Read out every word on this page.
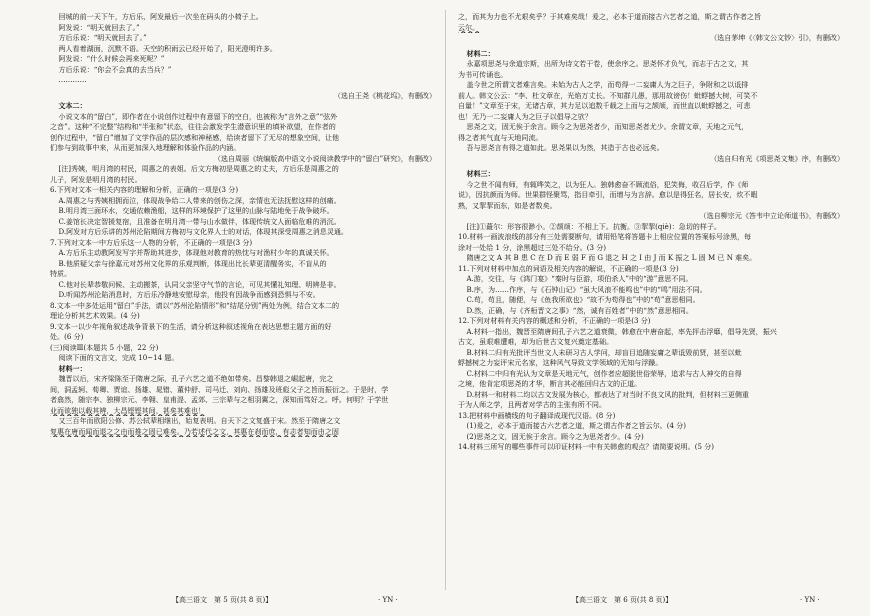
回城的前一天下午，方后乐、阿发最后一次坐在码头的小椅子上。
阿发说：“明天就回去了。”
方后乐说：“明天就回去了。”
两人看着湖面，沉默不语。天空的积雨云已经开始了，阳光澄明许多。
阿发说：“什么时候会再来死呢？”
方后乐说：“你会不会真的去当兵？”
…………
（选自王尧《桃花坞》，有删改）
文本二：
小说文本的“留白”，即作者在小说创作过程中有意留下的空白，也被称为“言外之意”“弦外
之音”。这种“不完整”结构和“半张和”状态，往往会激发学生潜意识里的填补欲望，在作者的
创作过程中，“留白”增加了文学作品的层次感和神秘感，给读者留下了无尽的想象空间，让他
们参与到故事中来，从而更加深入地理解和体验作品的内涵。
（选自周丽《统编版高中语文小说阅读教学中的“留白”研究》，有删改）
[注]秀姨，明月湾的村民，周惠之的表姐。后文方梅初是周惠之的丈夫，方后乐是周惠之的
儿子，阿发是明月湾的村民。
6.下列对文本一相关内容的理解和分析，正确的一项是(3 分)
A.周惠之与秀姨相拥而泣，体现战争给二人带来的创伤之深，亲情也无法抚慰这样的创痛。
B.明月湾三面环水，交通依赖渔船，这样的环境保护了这里的山脉与陆地免于战争破坏。
C.姜馆长决定智援复宿，且准备在明月湾一带与山水做伴，体现传统文人面临危难的消沉。
D.阿发对方后乐讲的苏州沦陷期间方梅初与文化界人士的对话，体现其深受周惠之消息灵通。
7.下列对文本一中方后乐这一人物的分析，不正确的一项是(3 分)
A.方后乐主动教阿发写字并帮助其进步，体现他对教育的热忱与对渔村少年的真诚关怀。
B.他质疑父亲与徐嘉元对苏州文化界的乐观判断，体现出比长辈更清醒务实，不盲从的
特质。
C.他对长辈恭敬问候、主动搬茶，认同父亲坚守气节的言论，可见其懂礼知理、明辨是非。
D.听闻苏州沦陷消息时，方后乐冷静地安慰母亲，他投有因战争而感到恐惧与不安。
8.文本一中多处运用“留白”手法，请以“苏州沦陷情形”和“结尾分别”两处为例，结合文本二的
理论分析其艺术效果。(4 分)
9.文本一以少年视角叙述战争背景下的生活，请分析这种叙述视角在表达思想主题方面的好
处。(6 分)
(三)阅读Ⅲ(本题共 5 小题，22 分)
阅读下面的文言文，完成 10~14 题。
材料一：
魏晋以后，宋齐梁陈至于隋唐之际，孔子六艺之道不绝如带矣。昌黎韩退之崛起唐，完之
间，洞孟轲、荀卿、贾谊、扬雄、晁错、董仲舒、司马迁、刘向、扬雄及班彪父子之旨而振衍之。于是时，学
者翕然，随宗李、独柳宗元、李翱、皇甫湜、孟郊、三宗辈与之相羽翼之，深知而笃好之。呼。何明？于学世
业而欲独以载其辨，大昌铿铿其间，甚矣其难也！
又三百年而欧阳公修、苏公轼辈相继出，始复表明。自天下之文复盛于宋。然至于隋唐之文
复惠在唐而闻而退之之由而推之固已难矣。乃若述代之文，其惠在刹而庶，有志者知而由之固
之，而其为力也不尤艰矣乎？于其难矣哉！爰之，必本于道而接古六艺者之道，斯之谓古作者之旨
云尔。
（选自茅坤《〈韩文公文钞〉引》，有删改）
材料二：
永嘉项思尧与余道宗斯，出所为诗文若干卷，使余序之。思尧怀才负气，而志于古之文，其
为书可传诵也。
盖今世之所谓文者难言矣。未始为古人之学，而苟得一二妄庸人为之巨子，争附和之以诋排
前人。韩文公云：“李、杜文章在，光焰万丈长。不知群儿愚，那用故谤伤！蚍蜉撼大树，可笑不
自量！”文章至于宋，无诸古章，其力足以追数千载之上而与之颉颃，而世直以蚍蜉撼之，可悲
也！无乃一二妄庸人为之巨子以倡导之欤？
思尧之文，固无俟于余言。顾今之为思尧者少，而知思尧者尤少。余谓文章，天地之元气，
得之者其气直与天地同流。
吾与思尧言有得之道如此。思尧果以为然，其造于古也必远矣。
（选自归有光《项思尧文集》序，有删改）
材料三：
今之世不闻有师，有辄哗笑之，以为狂人。独韩愈奋不顾流俗，犯笑侮，收召后学，作《师
说》，因抗颜而为师。世果群怪聚骂，指目牵引，而增与为言辞。愈以是得狂名，居长安，炊不暇
熟，又挈挈而东，如是者数矣。
（选自柳宗元《答韦中立论师道书》，有删改）
[注]①蕞尔：形容很渺小。②颉颃：不相上下。抗衡。③挈挈(qiè)：急切的样子。
10.材料一画波浪线的部分有三处需要断句，请用铅笔将答题卡上相应位置的答案标号涂黑，每
涂对一处给 1 分，涂黑超过三处不给分。(3 分)
隋唐之文 A 其 B 患 C 在 D 而 E 弱 F 而 G 退之 H 之 I 由 J 而 K 振之 L 固 M 已 N 难矣。
11.下列对材料中加点的词语及相关内容的解说，不正确的一项是(3 分)
A.游，交往，与《鸿门宴》“秦时与臣游，项伯杀人”中的“游”意思不同。
B.序，为……作序，与《石钟山记》“虽大风浪不能鸣也”中的“鸣”用法不同。
C.苟，苟且，随便，与《鱼我所欲也》“故不为苟得也”中的“苟”意思相同。
D.然，正确，与《齐桓晋文之事》“然，诚有百姓者”中的“然”意思相同。
12.下列对材料有关内容的概述和分析，不正确的一项是(3 分)
A.材料一指出，魏晋至隋唐间孔子六艺之道衰微，韩愈在中唐奋起，率先抨击浮靡，倡导先贤，振兴
古文，虽艰难遭难，却为后世古文复兴奠定基础。
B.材料二归有光批评当世文人未研习古人学问，却盲目追随妄庸之辈诋毁前贤，甚至以蚍
蜉撼树之力妄评宋元名家，这种风气导致文学领域的无知与浮躁。
C.材料二中归有光认为文章是天地元气，创作者应超脱世俗荣辱，追求与古人神交的自得
之境，他肯定项思尧的才华，断言其必能回归古文的正道。
D.材料一和材料二均以古文发展为核心，都表达了对当时不良文风的批判，但材料三更侧重
于为人师之学，且两者对学古的主张有所不同。
13.把材料中画横线的句子翻译成现代汉语。(8 分)
(1)爰之，必本于道而接古六艺者之道，斯之谓古作者之旨云尔。(4 分)
(2)思尧之文，固无俟于余言。顾今之为思尧者少。(4 分)
14.材料三所写的哪些事件可以印证材料一中有关韩愈的观点？请简要说明。(5 分)
【高三语文　第 5 页(共 8 页)】	· YN ·	【高三语文　第 6 页(共 8 页)】	· YN ·
